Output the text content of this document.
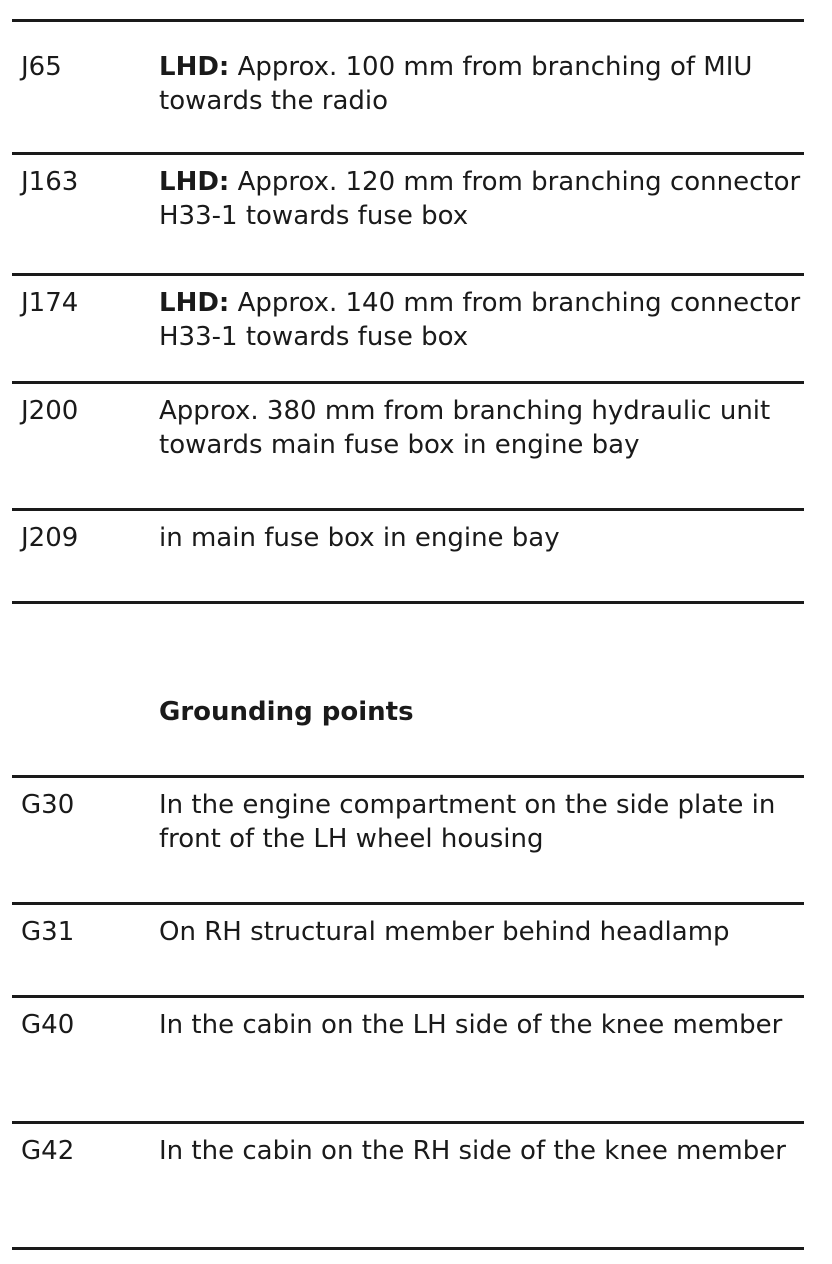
J65	LHD: Approx. 100 mm from branching of MIU towards the radio
J163	LHD: Approx. 120 mm from branching connector H33-1 towards fuse box
J174	LHD: Approx. 140 mm from branching connector H33-1 towards fuse box
J200	Approx. 380 mm from branching hydraulic unit towards main fuse box in engine bay
J209	in main fuse box in engine bay
Grounding points
G30	In the engine compartment on the side plate in front of the LH wheel housing
G31	On RH structural member behind headlamp
G40	In the cabin on the LH side of the knee member
G42	In the cabin on the RH side of the knee member
